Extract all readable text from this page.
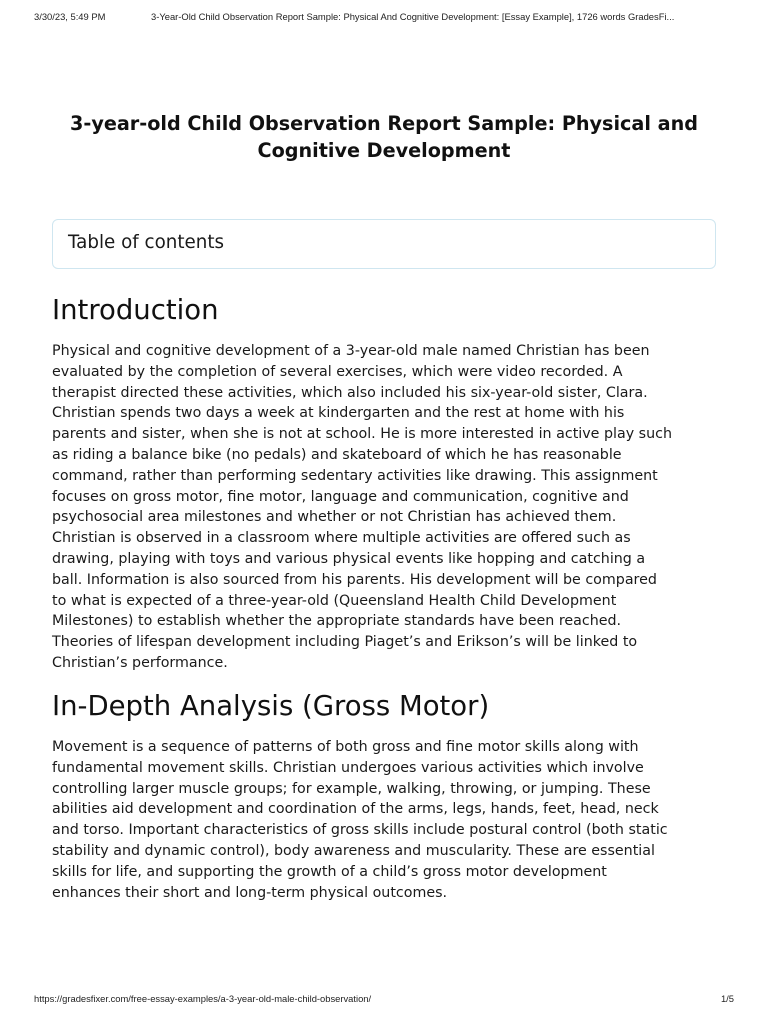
3/30/23, 5:49 PM	3-Year-Old Child Observation Report Sample: Physical And Cognitive Development: [Essay Example], 1726 words GradesFi...
3-year-old Child Observation Report Sample: Physical and
Cognitive Development
Table of contents
Introduction
Physical and cognitive development of a 3-year-old male named Christian has been
evaluated by the completion of several exercises, which were video recorded. A
therapist directed these activities, which also included his six-year-old sister, Clara.
Christian spends two days a week at kindergarten and the rest at home with his
parents and sister, when she is not at school. He is more interested in active play such
as riding a balance bike (no pedals) and skateboard of which he has reasonable
command, rather than performing sedentary activities like drawing. This assignment
focuses on gross motor, fine motor, language and communication, cognitive and
psychosocial area milestones and whether or not Christian has achieved them.
Christian is observed in a classroom where multiple activities are offered such as
drawing, playing with toys and various physical events like hopping and catching a
ball. Information is also sourced from his parents. His development will be compared
to what is expected of a three-year-old (Queensland Health Child Development
Milestones) to establish whether the appropriate standards have been reached.
Theories of lifespan development including Piaget’s and Erikson’s will be linked to
Christian’s performance.
In-Depth Analysis (Gross Motor)
Movement is a sequence of patterns of both gross and fine motor skills along with
fundamental movement skills. Christian undergoes various activities which involve
controlling larger muscle groups; for example, walking, throwing, or jumping. These
abilities aid development and coordination of the arms, legs, hands, feet, head, neck
and torso. Important characteristics of gross skills include postural control (both static
stability and dynamic control), body awareness and muscularity. These are essential
skills for life, and supporting the growth of a child’s gross motor development
enhances their short and long-term physical outcomes.
https://gradesfixer.com/free-essay-examples/a-3-year-old-male-child-observation/	1/5
